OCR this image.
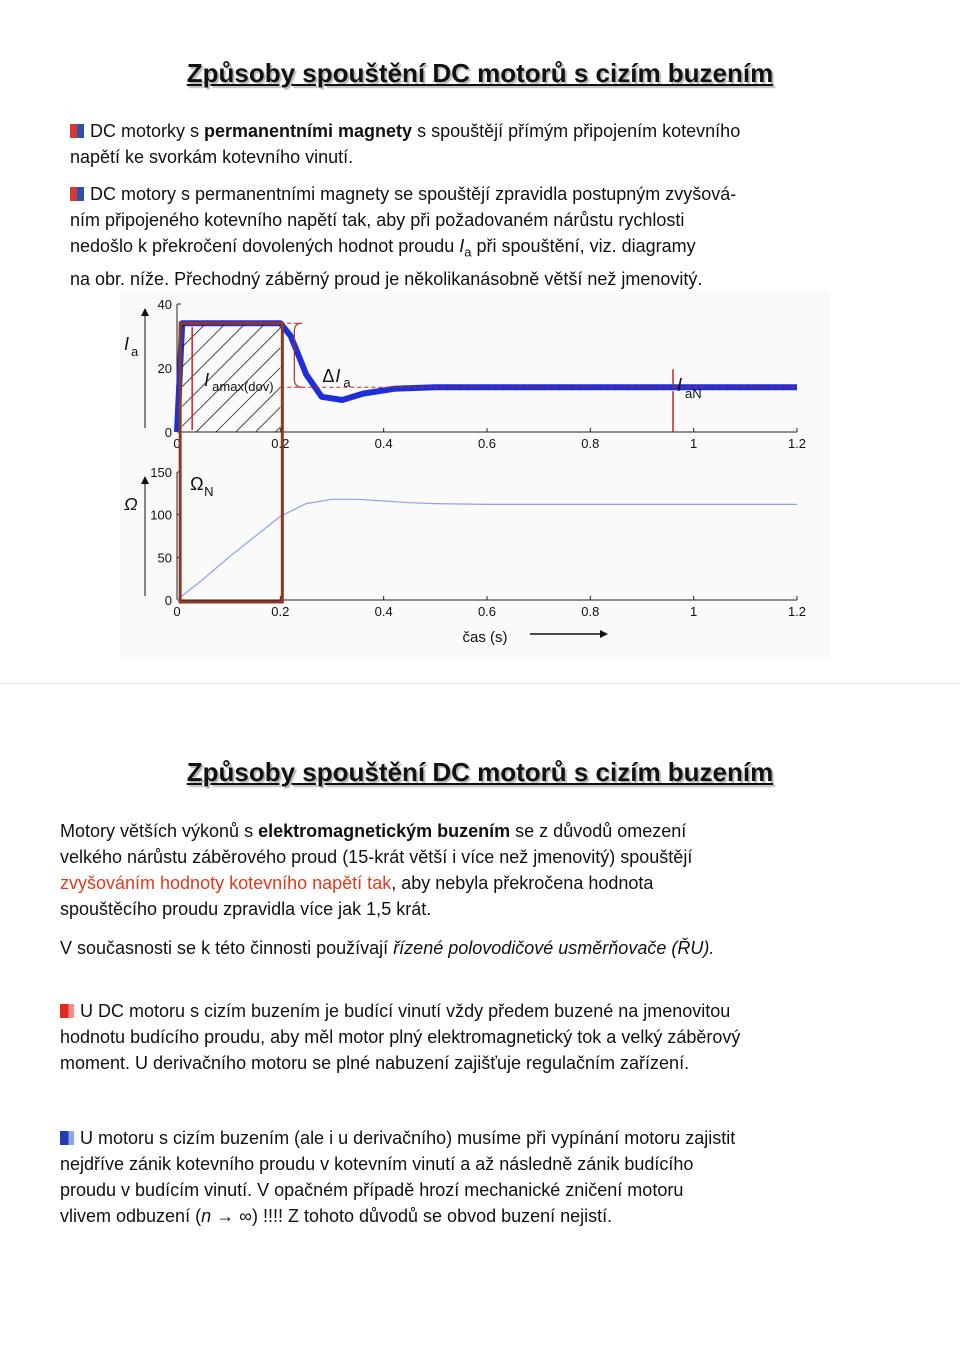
Způsoby spouštění DC motorů s cizím buzením
DC motorky s permanentními magnety s spouštějí přímým připojením kotevního
napětí ke svorkám kotevního vinutí.
DC motory s permanentními magnety se spouštějí zpravidla postupným zvyšová-
ním připojeného kotevního napětí tak, aby při požadovaném nárůstu rychlosti
nedošlo k překročení dovolených hodnot proudu $I_a$ při spouštění, viz. diagramy
na obr. níže. Přechodný záběrný proud je několikanásobně větší než jmenovitý.
0	0.2	0.4	0.6	0.8	1	1.2
0
20
40
I a
0	0.2	0.4	0.6	0.8	1	1.2
0
50
100
150
Ω
I amax(dov)
Δ I a	I aN
Ω N
čas (s)
Způsoby spouštění DC motorů s cizím buzením
Motory větších výkonů s elektromagnetickým buzením se z důvodů omezení
velkého nárůstu záběrového proud (15-krát větší i více než jmenovitý) spouštějí
zvyšováním hodnoty kotevního napětí tak, aby nebyla překročena hodnota
spouštěcího proudu zpravidla více jak 1,5 krát.
V současnosti se k této činnosti používají řízené polovodičové usměrňovače (ŘU).
U DC motoru s cizím buzením je budící vinutí vždy předem buzené na jmenovitou
hodnotu budícího proudu, aby měl motor plný elektromagnetický tok a velký záběrový
moment. U derivačního motoru se plné nabuzení zajišťuje regulačním zařízení.
U motoru s cizím buzením (ale i u derivačního) musíme při vypínání motoru zajistit
nejdříve zánik kotevního proudu v kotevním vinutí a až následně zánik budícího
proudu v budícím vinutí. V opačném případě hrozí mechanické zničení motoru
vlivem odbuzení (n → ∞) !!!! Z tohoto důvodů se obvod buzení nejistí.
